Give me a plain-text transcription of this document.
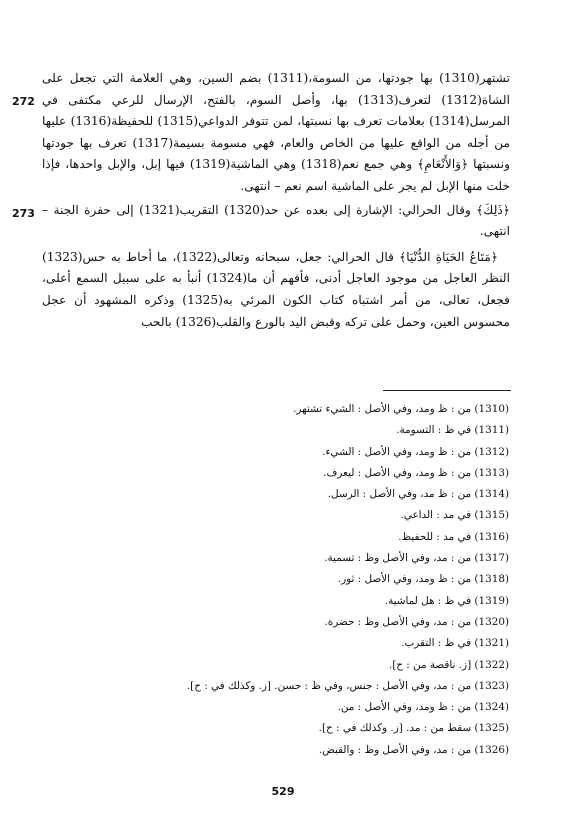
272
تشتهر(1310) بها جودتها، من السومة،(1311) بضم السين، وهي العلامة التي تجعل على الشاة(1312) لتعرف(1313) بها، وأصل السوم، بالفتح، الإرسال للرعي مكتفى في المرسل(1314) بعلامات تعرف بها نسبتها، لمن تتوفر الدواعي(1315) للحفيظة(1316) عليها من أجله من الواقع عليها من الخاص والعام، فهي مسومة بسيمة(1317) تعرف بها جودتها ونسبتها ﴿وَالأَنْعَامِ﴾ وهي جمع نعم(1318) وهي الماشية(1319) فيها إبل، والإبل واحدها، فإذا خلت منها الإبل لم يجر على الماشية اسم نعم – انتهى.

273 ﴿ذَلِكَ﴾ وقال الحرالي: الإشارة إلى بعده عن حد(1320) التقريب(1321) إلى حفرة الجنة – انتهى.

﴿مَتَاعُ الحَيَاةِ الدُّنْيَا﴾ قال الحرالي: جعل، سبحانه وتعالى(1322)، ما أحاط به حس(1323) النظر العاجل من موجود العاجل أدنى، فأفهم أن ما(1324) أنبأ به على سبيل السمع أعلى، فجعل، تعالى، من أمر اشتباه كتاب الكون المرئي به(1325) وذكره المشهود أن عجل محسوس العين، وحمل على تركه وقبض اليد بالورع والقلب(1326) بالحب

(1310) من : ظ ومد، وفي الأصل : الشيء تشتهر.
(1311) في ظ : التسومة.
(1312) من : ظ ومد، وفي الأصل : الشيء.
(1313) من : ظ ومد، وفي الأصل : ليعرف.
(1314) من : ظ مد، وفي الأصل : الرسل.
(1315) في مد : الداعي.
(1316) في مد : للحفيظ.
(1317) من : مد، وفي الأصل وظ : تسمية.
(1318) من : ظ ومد، وفي الأصل : ثور.
(1319) في ظ : هل لماشية.
(1320) من : مد، وفي الأصل وظ : حضرة.
(1321) في ظ : التقرب.
(1322) [ز. ناقصة من : ح].
(1323) من : مد، وفي الأصل : جنس، وفي ظ : حسن. [ز. وكذلك في : ح].
(1324) من : ظ ومد، وفي الأصل : من.
(1325) سقط من : مد. [ز. وكذلك في : ح].
(1326) من : مد، وفي الأصل وظ : والقبض.
529
